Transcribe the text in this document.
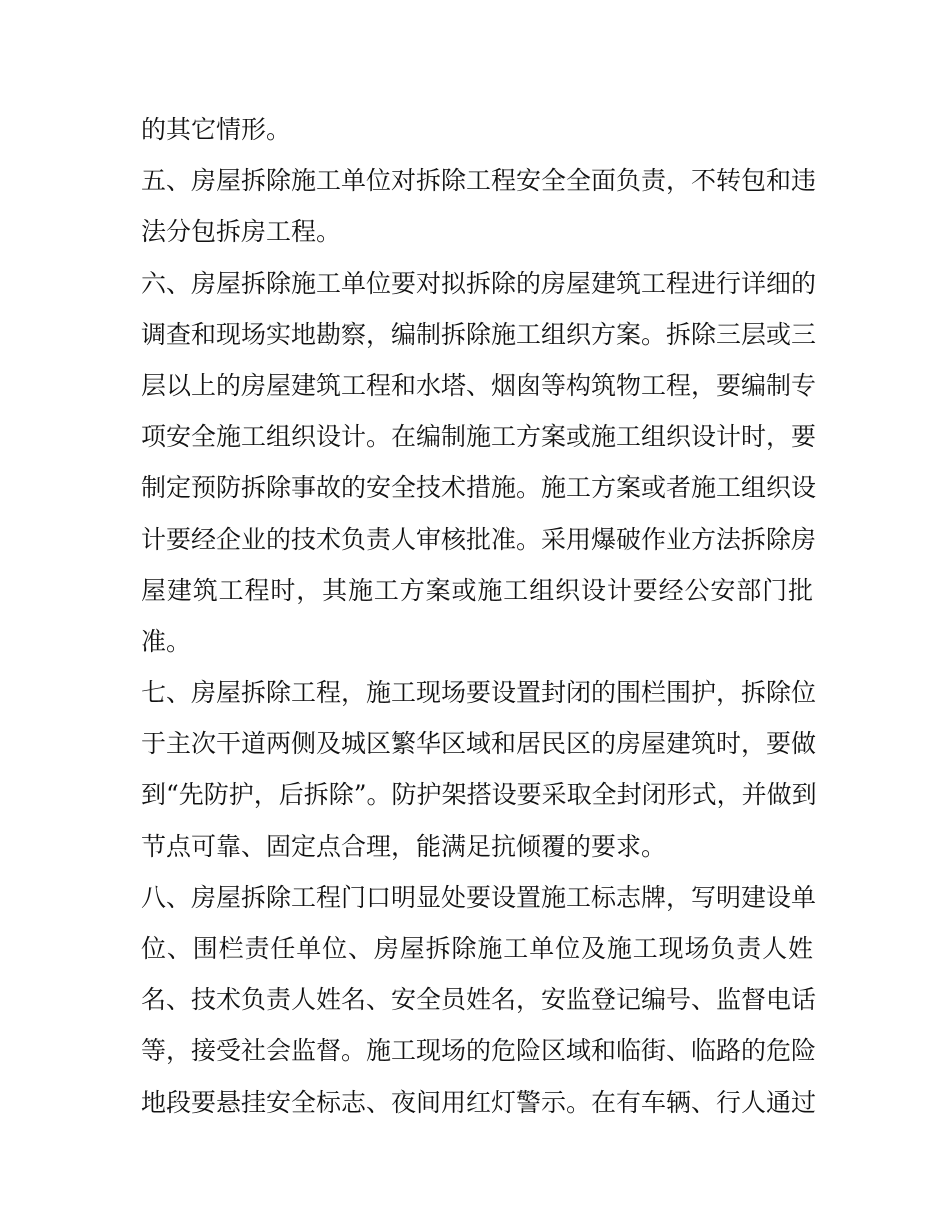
的其它情形。
五、房屋拆除施工单位对拆除工程安全全面负责，不转包和违
法分包拆房工程。
六、房屋拆除施工单位要对拟拆除的房屋建筑工程进行详细的
调查和现场实地勘察，编制拆除施工组织方案。拆除三层或三
层以上的房屋建筑工程和水塔、烟囱等构筑物工程，要编制专
项安全施工组织设计。在编制施工方案或施工组织设计时，要
制定预防拆除事故的安全技术措施。施工方案或者施工组织设
计要经企业的技术负责人审核批准。采用爆破作业方法拆除房
屋建筑工程时，其施工方案或施工组织设计要经公安部门批
准。
七、房屋拆除工程，施工现场要设置封闭的围栏围护，拆除位
于主次干道两侧及城区繁华区域和居民区的房屋建筑时，要做
到“先防护，后拆除”。防护架搭设要采取全封闭形式，并做到
节点可靠、固定点合理，能满足抗倾覆的要求。
八、房屋拆除工程门口明显处要设置施工标志牌，写明建设单
位、围栏责任单位、房屋拆除施工单位及施工现场负责人姓
名、技术负责人姓名、安全员姓名，安监登记编号、监督电话
等，接受社会监督。施工现场的危险区域和临街、临路的危险
地段要悬挂安全标志、夜间用红灯警示。在有车辆、行人通过
